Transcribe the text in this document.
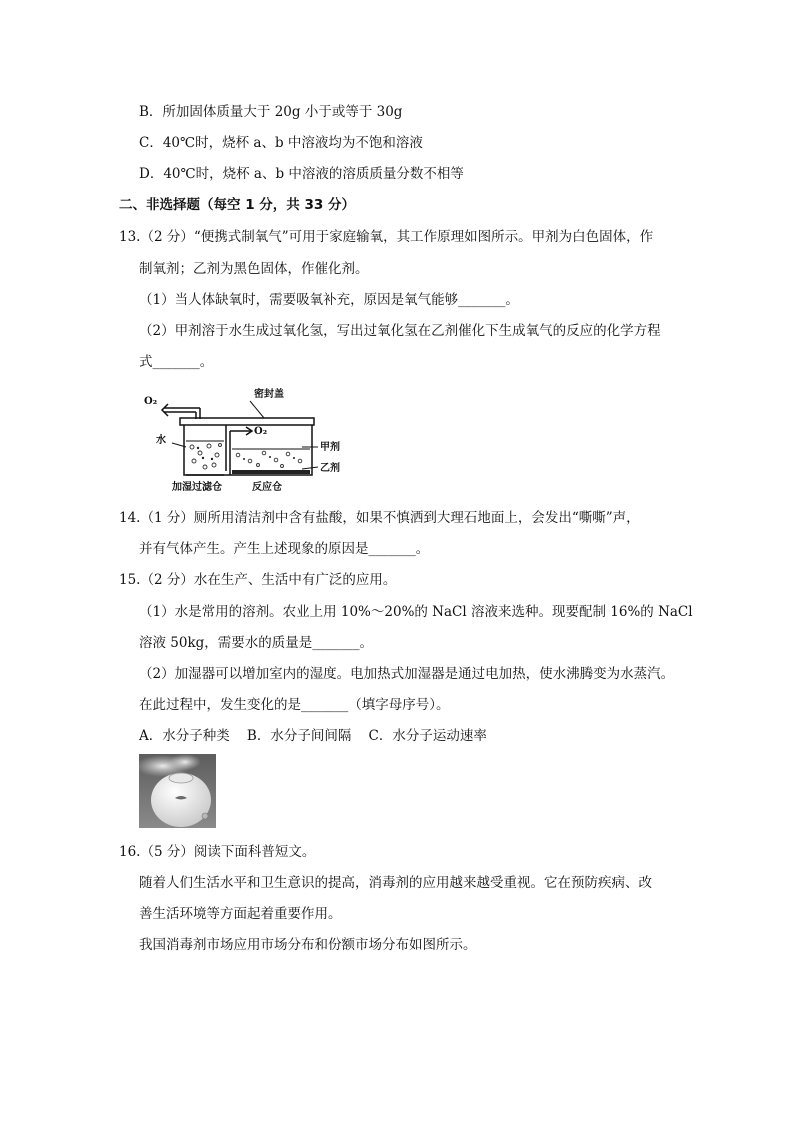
B．所加固体质量大于 20g 小于或等于 30g
C．40℃时，烧杯 a、b 中溶液均为不饱和溶液
D．40℃时，烧杯 a、b 中溶液的溶质质量分数不相等
二、非选择题（每空 1 分，共 33 分）
13.（2 分）“便携式制氧气”可用于家庭输氧，其工作原理如图所示。甲剂为白色固体，作
制氧剂；乙剂为黑色固体，作催化剂。
（1）当人体缺氧时，需要吸氧补充，原因是氧气能够_______。
（2）甲剂溶于水生成过氧化氢，写出过氧化氢在乙剂催化下生成氧气的反应的化学方程
式_______。
O₂
密封盖
O₂
水
甲剂
乙剂
加湿过滤仓	反应仓
14.（1 分）厕所用清洁剂中含有盐酸，如果不慎洒到大理石地面上，会发出“嘶嘶”声，
并有气体产生。产生上述现象的原因是_______。
15.（2 分）水在生产、生活中有广泛的应用。
（1）水是常用的溶剂。农业上用 10%～20%的 NaCl 溶液来选种。现要配制 16%的 NaCl
溶液 50kg，需要水的质量是_______。
（2）加湿器可以增加室内的湿度。电加热式加湿器是通过电加热，使水沸腾变为水蒸汽。
在此过程中，发生变化的是_______（填字母序号）。
A．水分子种类    B．水分子间间隔    C．水分子运动速率
16.（5 分）阅读下面科普短文。
随着人们生活水平和卫生意识的提高，消毒剂的应用越来越受重视。它在预防疾病、改
善生活环境等方面起着重要作用。
我国消毒剂市场应用市场分布和份额市场分布如图所示。
